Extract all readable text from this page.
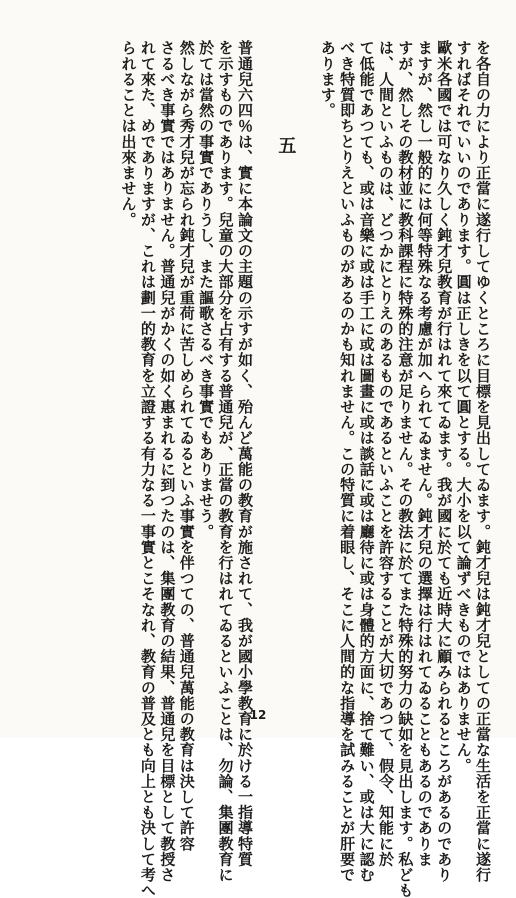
を各自の力により正當に遂行してゆくところに目標を見出してゐます。鈍才兒は鈍才兒としての正當な生活を正當に遂行
すればそれでいいのであります。圓は正しきを以て圓とする。大小を以て論ずべきものではありません。
歐米各國では可なり久しく鈍才兒教育が行はれて來てゐます。我が國に於ても近時大に顧みられるところがあるのであり
ますが、然し一般的には何等特殊なる考慮が加へられてゐません。鈍才兒の選擇は行はれてゐることもあるのでありま
すが、然しその教材並に教科課程に特殊的注意が足りません。その教法に於てまた特殊的努力の缺如を見出します。私ども
は、人間といふものは、どつかにとりえのあるものであるといふことを許容することが大切であつて、假令、知能に於
て低能であつても、或は音樂に或は手工に或は圖畫に或は談話に或は廳待に或は身體的方面に、捨て難い、或は大に認む
べき特質即ちとりえといふものがあるのかも知れません。この特質に着眼し、そこに人間的な指導を試みることが肝要で
あります。
五
普通兒六四％は、實に本論文の主題の示すが如く、殆んど萬能の教育が施されて、我が國小學教育に於ける一指導特質
を示すものであります。兒童の大部分を占有する普通兒が、正當の教育を行はれてゐるといふことは、勿論、集團教育に
於ては當然の事實でありうし、また謳歌さるべき事實でもありませう。
然しながら秀才兒が忘られ鈍才兒が重荷に苦しめられてゐるといふ事實を伴つての、普通兒萬能の教育は決して許容
さるべき事實ではありません。普通兒がかくの如く惠まれるに到つたのは、集團教育の結果、普通兒を目標として教授さ
れて來た、めでありますが、これは劃一的教育を立證する有力なる一事實とこそなれ、教育の普及とも向上とも決して考へ
られることは出來ません。
12
